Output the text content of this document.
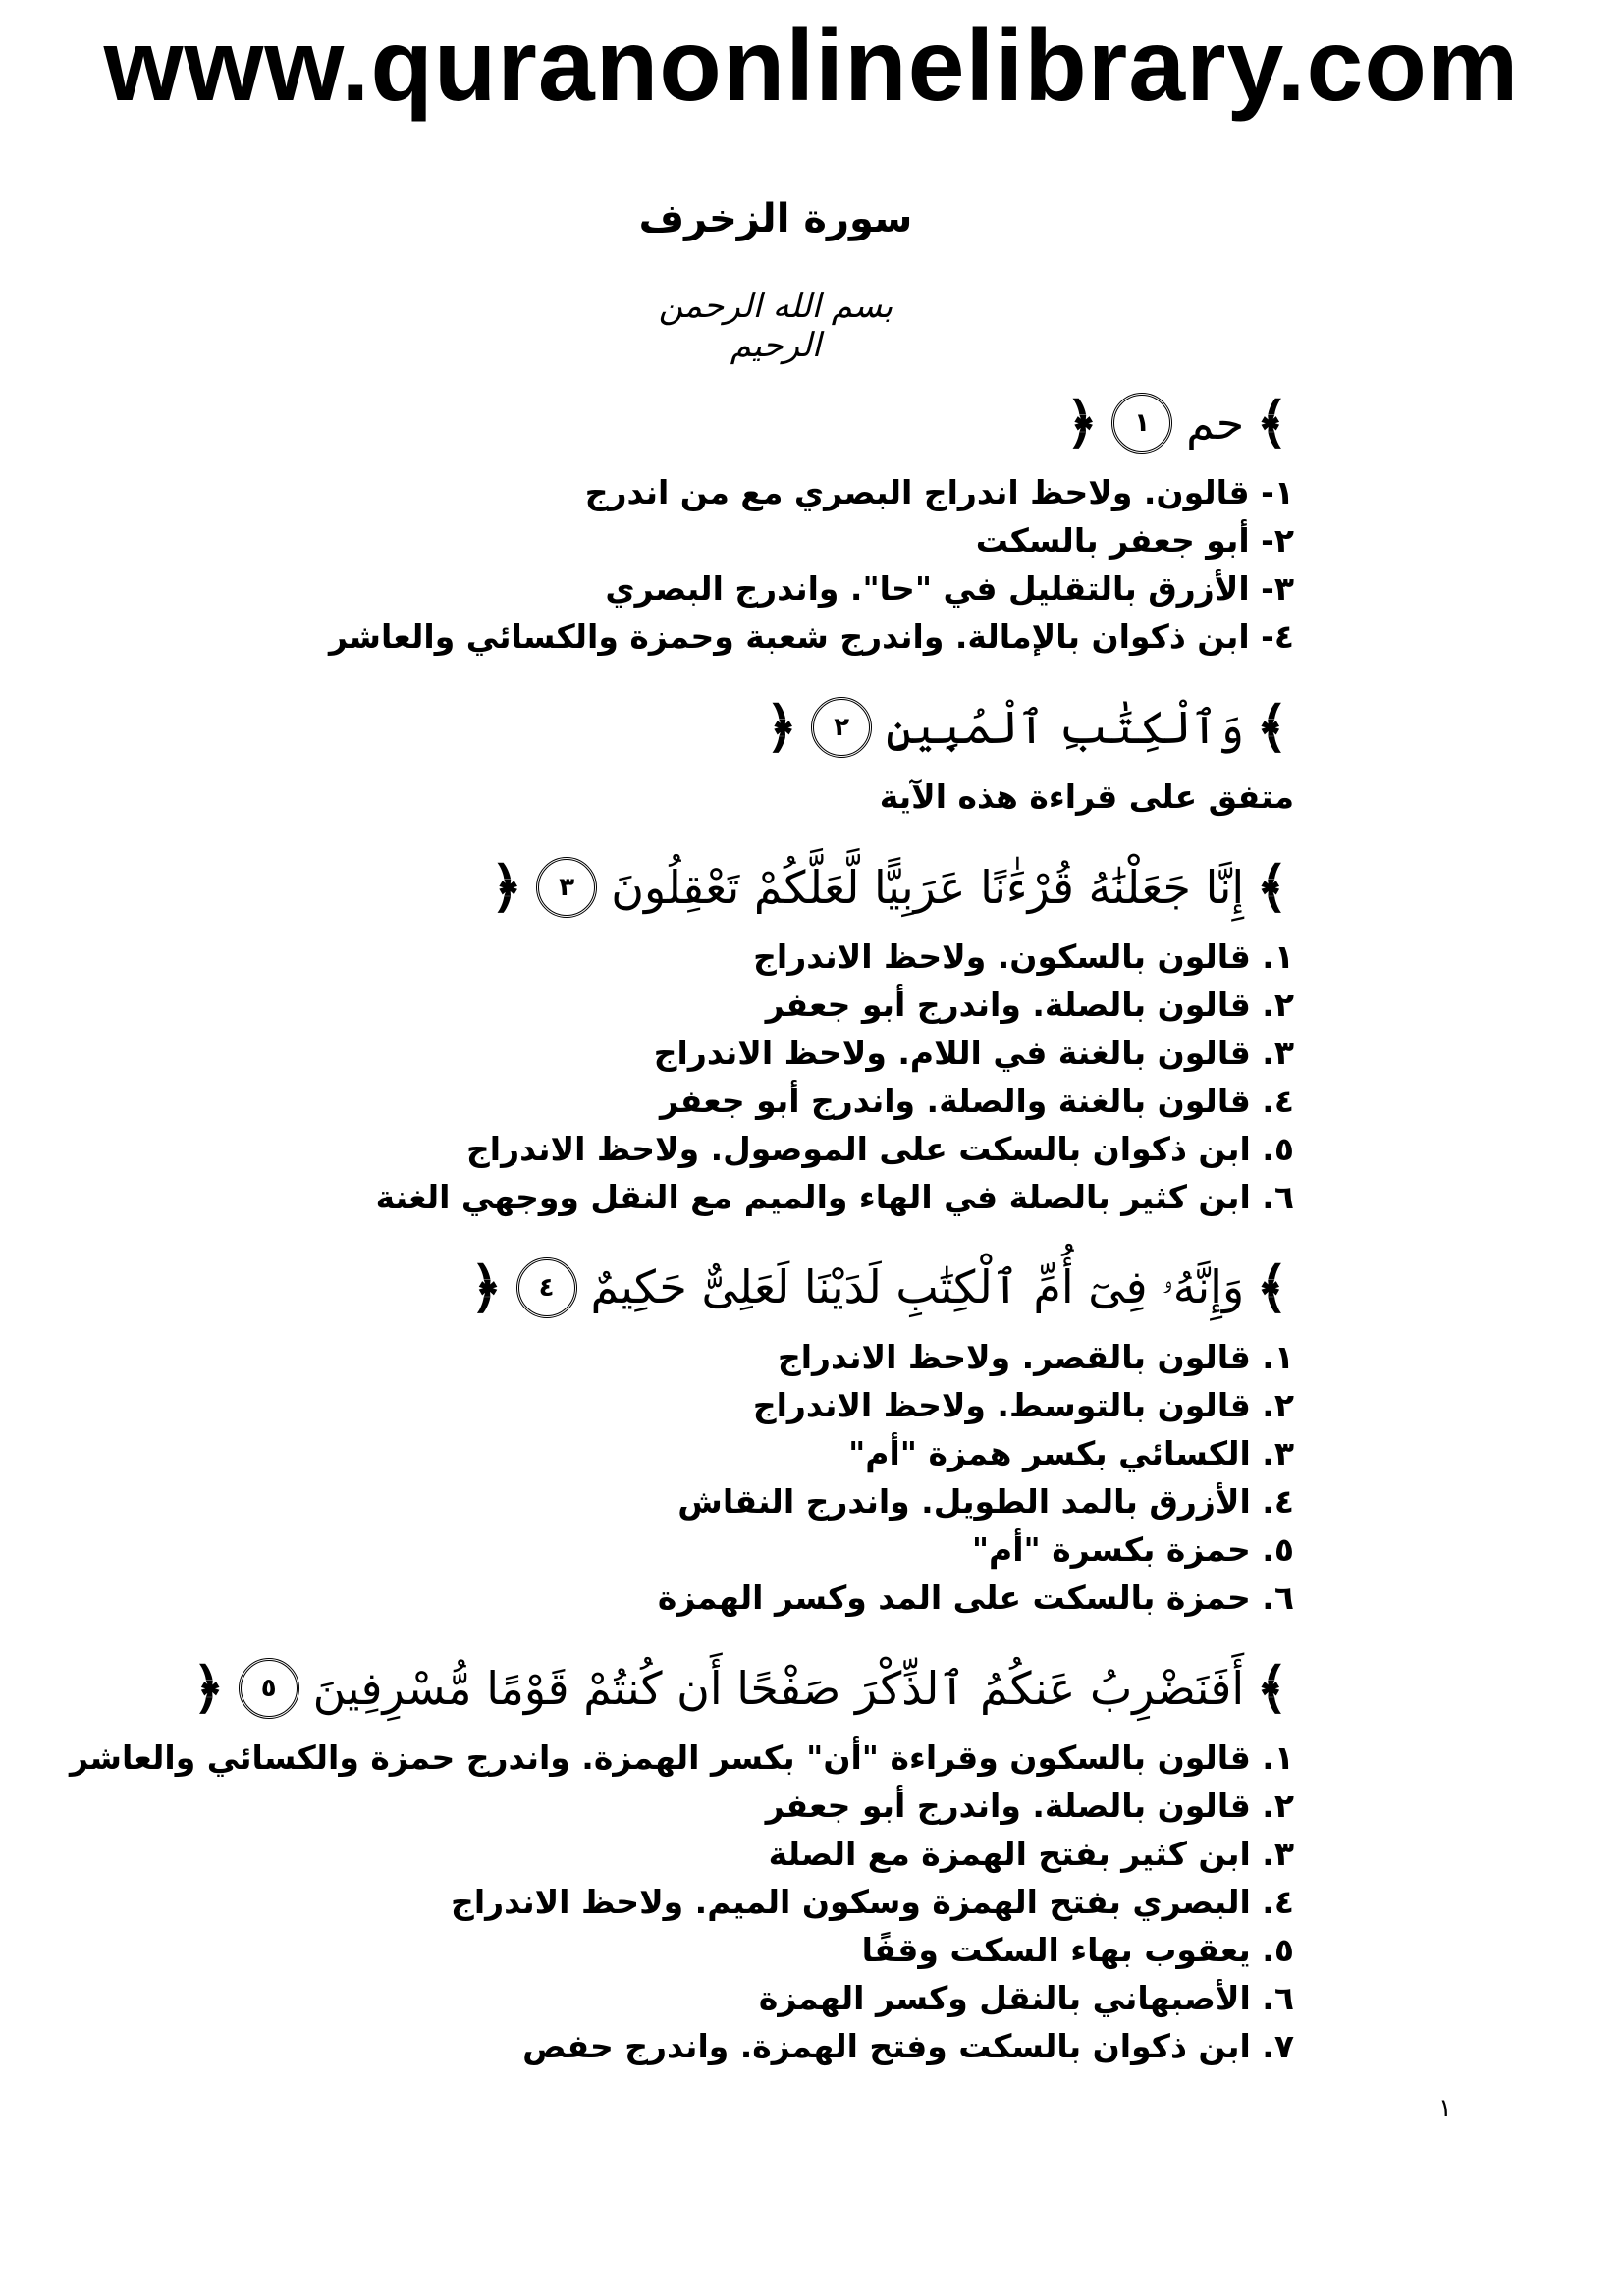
www.quranonlinelibrary.com
سورة الزخرف
بسم الله الرحمن الرحيم
﴾
حم
١
﴿
١- قالون. ولاحظ اندراج البصري مع من اندرج
٢- أبو جعفر بالسكت
٣- الأزرق بالتقليل في "حا". واندرج البصري
٤- ابن ذكوان بالإمالة. واندرج شعبة وحمزة والكسائي والعاشر
﴾
وَٱلْكِتَٰبِ ٱلْمُبِينِ
٢
﴿
متفق على قراءة هذه الآية
﴾
إِنَّا جَعَلْنَٰهُ قُرْءَٰنًا عَرَبِيًّا لَّعَلَّكُمْ تَعْقِلُونَ
٣
﴿
١. قالون بالسكون. ولاحظ الاندراج
٢. قالون بالصلة. واندرج أبو جعفر
٣. قالون بالغنة في اللام. ولاحظ الاندراج
٤. قالون بالغنة والصلة. واندرج أبو جعفر
٥. ابن ذكوان بالسكت على الموصول. ولاحظ الاندراج
٦. ابن كثير بالصلة في الهاء والميم مع النقل ووجهي الغنة
﴾
وَإِنَّهُۥ فِىٓ أُمِّ ٱلْكِتَٰبِ لَدَيْنَا لَعَلِىٌّ حَكِيمٌ
٤
﴿
١. قالون بالقصر. ولاحظ الاندراج
٢. قالون بالتوسط. ولاحظ الاندراج
٣. الكسائي بكسر همزة "أم"
٤. الأزرق بالمد الطويل. واندرج النقاش
٥. حمزة بكسرة "أم"
٦. حمزة بالسكت على المد وكسر الهمزة
﴾
أَفَنَضْرِبُ عَنكُمُ ٱلذِّكْرَ صَفْحًا أَن كُنتُمْ قَوْمًا مُّسْرِفِينَ
٥
﴿
١. قالون بالسكون وقراءة "أن" بكسر الهمزة. واندرج حمزة والكسائي والعاشر
٢. قالون بالصلة. واندرج أبو جعفر
٣. ابن كثير بفتح الهمزة مع الصلة
٤. البصري بفتح الهمزة وسكون الميم. ولاحظ الاندراج
٥. يعقوب بهاء السكت وقفًا
٦. الأصبهاني بالنقل وكسر الهمزة
٧. ابن ذكوان بالسكت وفتح الهمزة. واندرج حفص
١
